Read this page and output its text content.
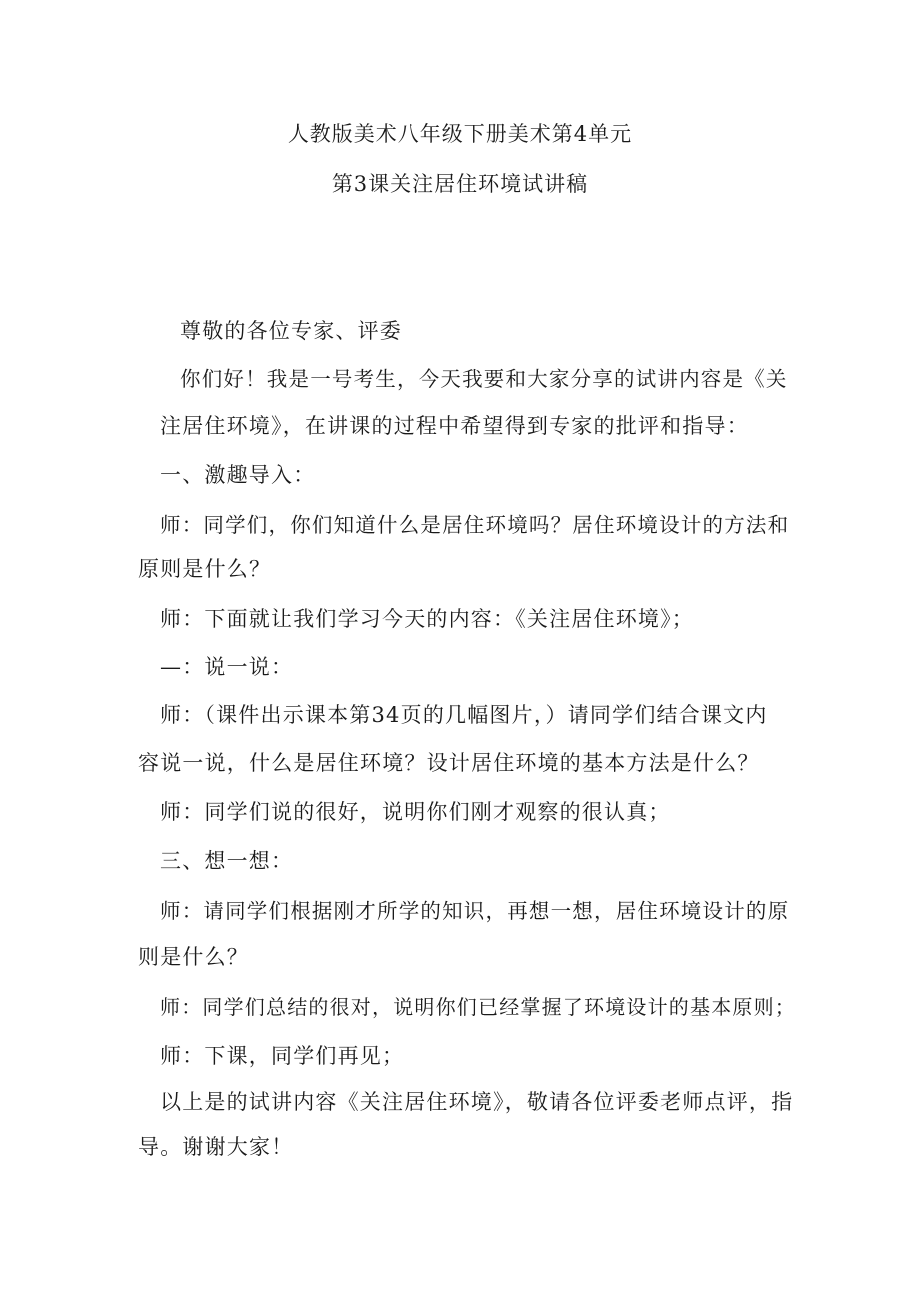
人教版美术八年级下册美术第4单元
第3课关注居住环境试讲稿
尊敬的各位专家、评委
你们好！我是一号考生，今天我要和大家分享的试讲内容是《关
注居住环境》，在讲课的过程中希望得到专家的批评和指导：
一、激趣导入：
师：同学们，你们知道什么是居住环境吗？居住环境设计的方法和
原则是什么？
师：下面就让我们学习今天的内容：《关注居住环境》；
—：说一说：
师：（课件出示课本第34页的几幅图片，）请同学们结合课文内
容说一说，什么是居住环境？设计居住环境的基本方法是什么？
师：同学们说的很好，说明你们刚才观察的很认真；
三、想一想：
师：请同学们根据刚才所学的知识，再想一想，居住环境设计的原
则是什么？
师：同学们总结的很对，说明你们已经掌握了环境设计的基本原则；
师：下课，同学们再见；
以上是的试讲内容《关注居住环境》，敬请各位评委老师点评，指
导。谢谢大家！
